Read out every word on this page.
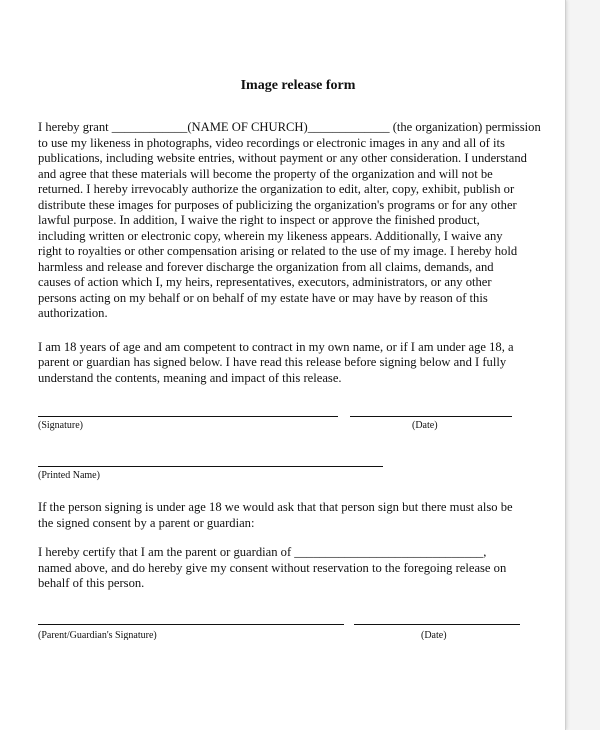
Image release form
I hereby grant ____________(NAME OF CHURCH)_____________ (the organization) permission
to use my likeness in photographs, video recordings or electronic images in any and all of its
publications, including website entries, without payment or any other consideration. I understand
and agree that these materials will become the property of the organization and will not be
returned. I hereby irrevocably authorize the organization to edit, alter, copy, exhibit, publish or
distribute these images for purposes of publicizing the organization's programs or for any other
lawful purpose. In addition, I waive the right to inspect or approve the finished product,
including written or electronic copy, wherein my likeness appears. Additionally, I waive any
right to royalties or other compensation arising or related to the use of my image. I hereby hold
harmless and release and forever discharge the organization from all claims, demands, and
causes of action which I, my heirs, representatives, executors, administrators, or any other
persons acting on my behalf or on behalf of my estate have or may have by reason of this
authorization.
I am 18 years of age and am competent to contract in my own name, or if I am under age 18, a
parent or guardian has signed below. I have read this release before signing below and I fully
understand the contents, meaning and impact of this release.
(Signature)	(Date)
(Printed Name)
If the person signing is under age 18 we would ask that that person sign but there must also be
the signed consent by a parent or guardian:
I hereby certify that I am the parent or guardian of ______________________________,
named above, and do hereby give my consent without reservation to the foregoing release on
behalf of this person.
(Parent/Guardian's Signature)	(Date)
